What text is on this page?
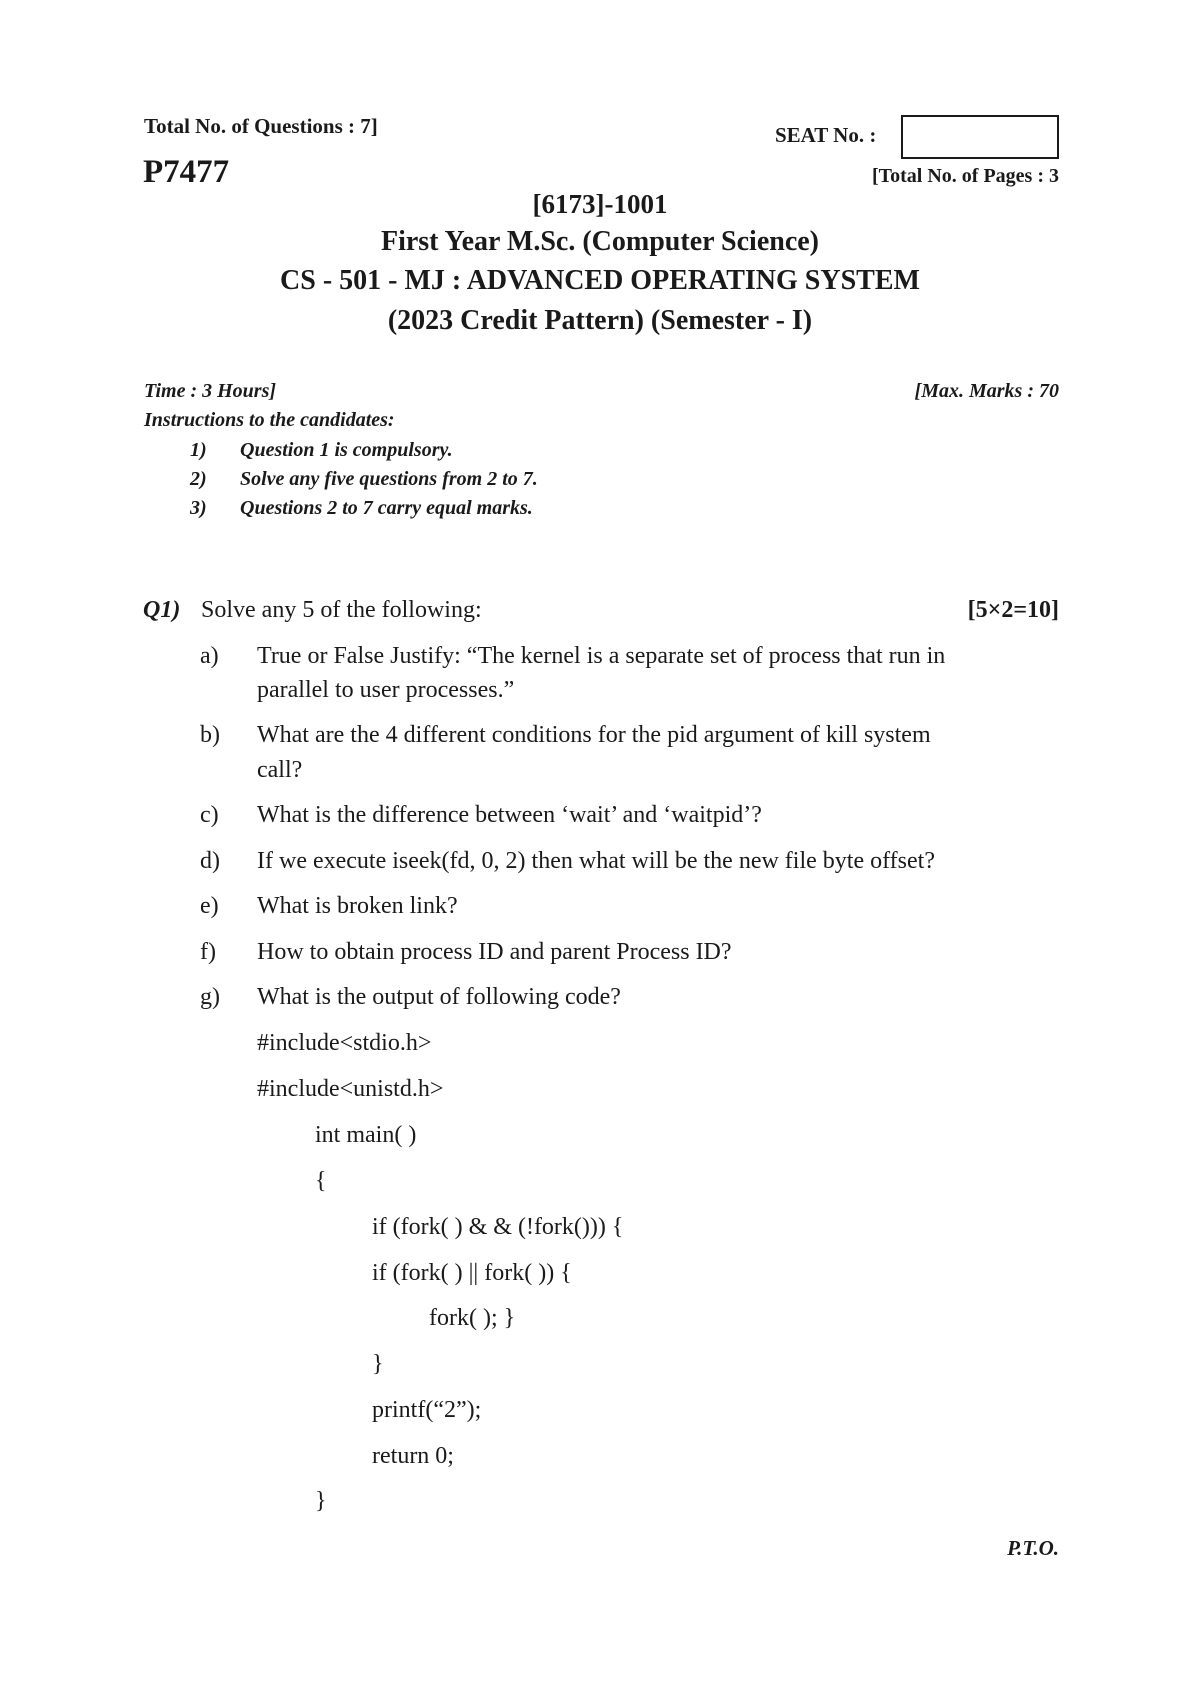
Total No. of Questions : 7]
P7477
SEAT No. :
[Total No. of Pages : 3
[6173]-1001
First Year M.Sc. (Computer Science)
CS - 501 - MJ : ADVANCED OPERATING SYSTEM
(2023 Credit Pattern) (Semester - I)
Time : 3 Hours]	[Max. Marks : 70
Instructions to the candidates:
1) Question 1 is compulsory.
2) Solve any five questions from 2 to 7.
3) Questions 2 to 7 carry equal marks.
Q1) Solve any 5 of the following:	[5×2=10]
a) True or False Justify: “The kernel is a separate set of process that run in
parallel to user processes.”
b) What are the 4 different conditions for the pid argument of kill system
call?
c) What is the difference between ‘wait’ and ‘waitpid’?
d) If we execute iseek(fd, 0, 2) then what will be the new file byte offset?
e) What is broken link?
f) How to obtain process ID and parent Process ID?
g) What is the output of following code?
#include<stdio.h>
#include<unistd.h>
int main( )
{
if (fork( ) & & (!fork())) {
if (fork( ) || fork( )) {
fork( ); }
}
printf(“2”);
return 0;
}
P.T.O.
